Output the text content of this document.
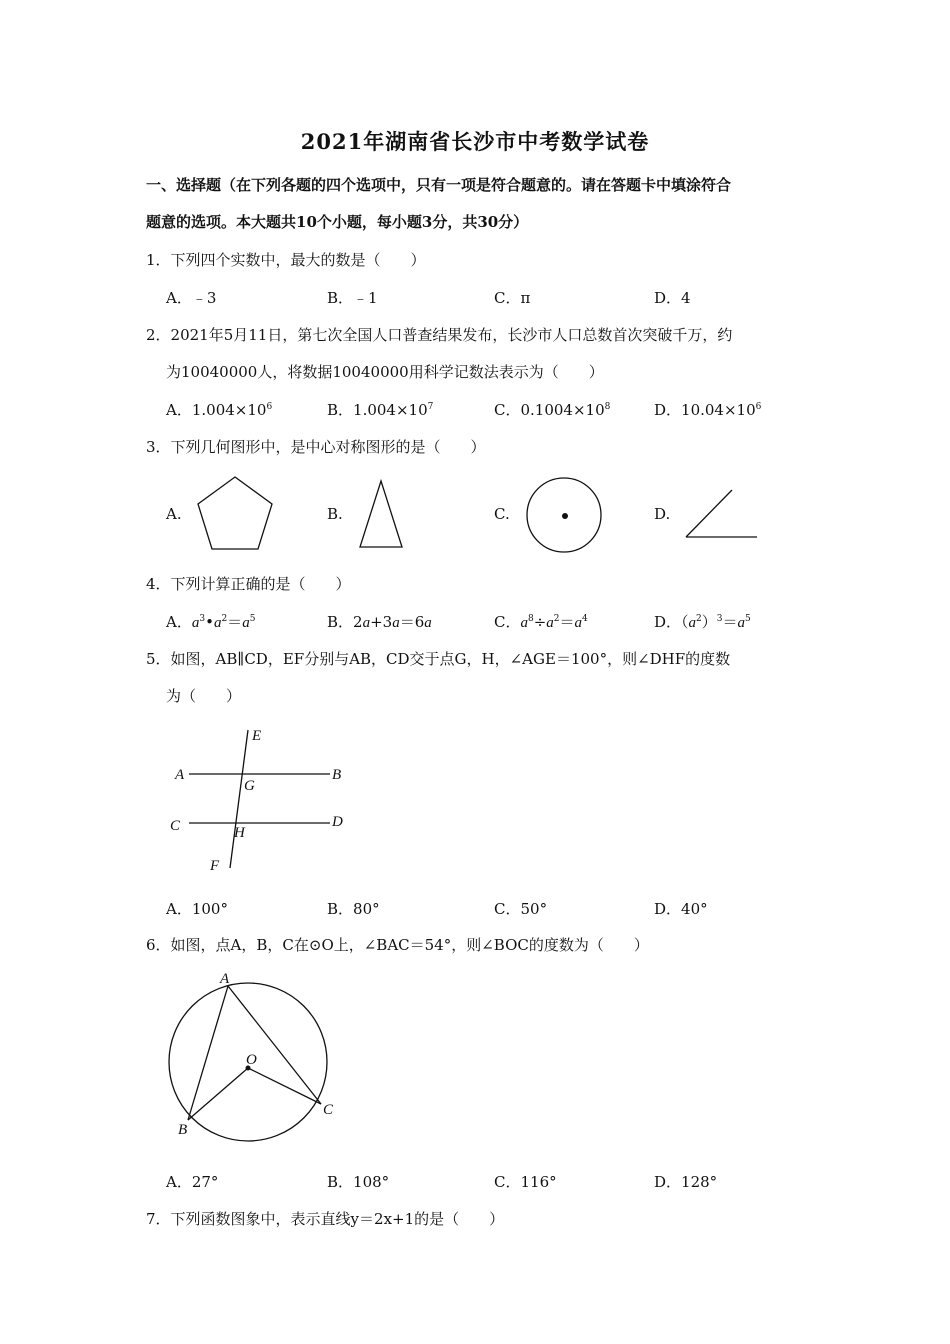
2021年湖南省长沙市中考数学试卷
一、选择题（在下列各题的四个选项中，只有一项是符合题意的。请在答题卡中填涂符合
题意的选项。本大题共10个小题，每小题3分，共30分）
1．下列四个实数中，最大的数是（　　）
A．﹣3	B．﹣1	C．π	D．4
2．2021年5月11日，第七次全国人口普查结果发布，长沙市人口总数首次突破千万，约
为10040000人，将数据10040000用科学记数法表示为（　　）
A．$1.004\times 10^6$	B．$1.004\times 10^7$	C．$0.1004\times 10^8$	D．$10.04\times 10^6$
3．下列几何图形中，是中心对称图形的是（　　）
A.	B.	C.	D.
4．下列计算正确的是（　　）
A．$a^3•a^2=a^5$	B．2a+3a＝6a	C．$a^8\div a^2=a^4$	D．$(a^2)^3=a^5$
5．如图，AB∥CD，EF分别与AB，CD交于点G，H，∠AGE＝100°，则∠DHF的度数
为（　　）
E
A	B
G
C	D
H
F
A．100°	B．80°	C．50°	D．40°
6．如图，点A，B，C在⊙O上，∠BAC＝54°，则∠BOC的度数为（　　）
A
O
B
C
A．27°	B．108°	C．116°	D．128°
7．下列函数图象中，表示直线y＝2x+1的是（　　）
